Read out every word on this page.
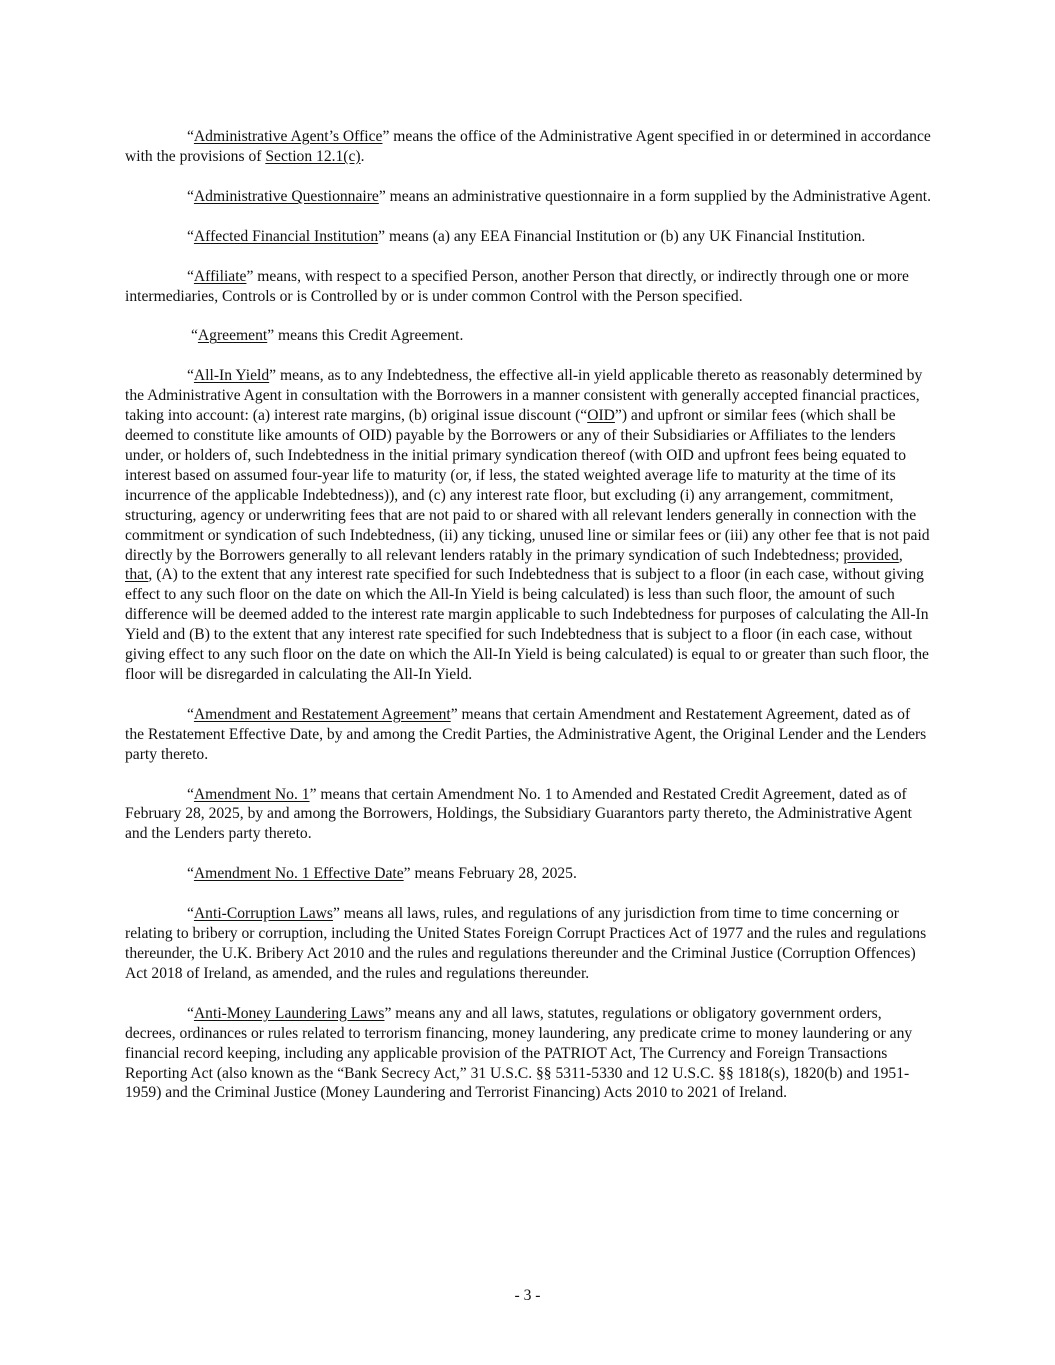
“Administrative Agent’s Office” means the office of the Administrative Agent specified in or determined in accordance with the provisions of Section 12.1(c).

“Administrative Questionnaire” means an administrative questionnaire in a form supplied by the Administrative Agent.

“Affected Financial Institution” means (a) any EEA Financial Institution or (b) any UK Financial Institution.

“Affiliate” means, with respect to a specified Person, another Person that directly, or indirectly through one or more intermediaries, Controls or is Controlled by or is under common Control with the Person specified.

“Agreement” means this Credit Agreement.

“All-In Yield” means, as to any Indebtedness, the effective all-in yield applicable thereto as reasonably determined by the Administrative Agent in consultation with the Borrowers in a manner consistent with generally accepted financial practices, taking into account: (a) interest rate margins, (b) original issue discount (“OID”) and upfront or similar fees (which shall be deemed to constitute like amounts of OID) payable by the Borrowers or any of their Subsidiaries or Affiliates to the lenders under, or holders of, such Indebtedness in the initial primary syndication thereof (with OID and upfront fees being equated to interest based on assumed four-year life to maturity (or, if less, the stated weighted average life to maturity at the time of its incurrence of the applicable Indebtedness)), and (c) any interest rate floor, but excluding (i) any arrangement, commitment, structuring, agency or underwriting fees that are not paid to or shared with all relevant lenders generally in connection with the commitment or syndication of such Indebtedness, (ii) any ticking, unused line or similar fees or (iii) any other fee that is not paid directly by the Borrowers generally to all relevant lenders ratably in the primary syndication of such Indebtedness; provided, that, (A) to the extent that any interest rate specified for such Indebtedness that is subject to a floor (in each case, without giving effect to any such floor on the date on which the All-In Yield is being calculated) is less than such floor, the amount of such difference will be deemed added to the interest rate margin applicable to such Indebtedness for purposes of calculating the All-In Yield and (B) to the extent that any interest rate specified for such Indebtedness that is subject to a floor (in each case, without giving effect to any such floor on the date on which the All-In Yield is being calculated) is equal to or greater than such floor, the floor will be disregarded in calculating the All-In Yield.

“Amendment and Restatement Agreement” means that certain Amendment and Restatement Agreement, dated as of the Restatement Effective Date, by and among the Credit Parties, the Administrative Agent, the Original Lender and the Lenders party thereto.

“Amendment No. 1” means that certain Amendment No. 1 to Amended and Restated Credit Agreement, dated as of February 28, 2025, by and among the Borrowers, Holdings, the Subsidiary Guarantors party thereto, the Administrative Agent and the Lenders party thereto.

“Amendment No. 1 Effective Date” means February 28, 2025.

“Anti-Corruption Laws” means all laws, rules, and regulations of any jurisdiction from time to time concerning or relating to bribery or corruption, including the United States Foreign Corrupt Practices Act of 1977 and the rules and regulations thereunder, the U.K. Bribery Act 2010 and the rules and regulations thereunder and the Criminal Justice (Corruption Offences) Act 2018 of Ireland, as amended, and the rules and regulations thereunder.

“Anti-Money Laundering Laws” means any and all laws, statutes, regulations or obligatory government orders, decrees, ordinances or rules related to terrorism financing, money laundering, any predicate crime to money laundering or any financial record keeping, including any applicable provision of the PATRIOT Act, The Currency and Foreign Transactions Reporting Act (also known as the “Bank Secrecy Act,” 31 U.S.C. §§ 5311-5330 and 12 U.S.C. §§ 1818(s), 1820(b) and 1951-1959) and the Criminal Justice (Money Laundering and Terrorist Financing) Acts 2010 to 2021 of Ireland.

- 3 -
